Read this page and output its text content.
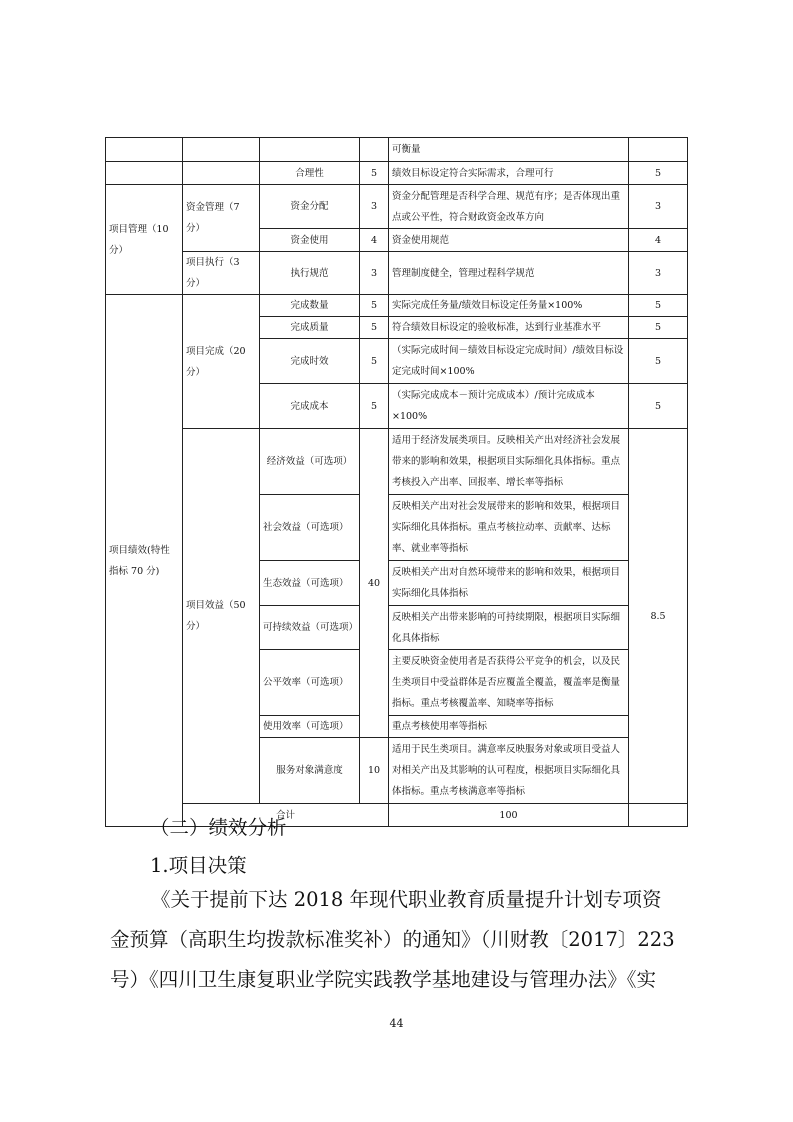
				可衡量		
		合理性	5	绩效目标设定符合实际需求，合理可行	5	
项目管理（10 分）	资金管理（7 分）	资金分配	3	资金分配管理是否科学合理、规范有序；是否体现出重点或公平性，符合财政资金改革方向	3	
		资金使用	4	资金使用规范	4	
	项目执行（3 分）	执行规范	3	管理制度健全，管理过程科学规范	3	
项目绩效(特性指标 70 分)	项目完成（20 分）	完成数量	5	实际完成任务量/绩效目标设定任务量×100%	5	
		完成质量	5	符合绩效目标设定的验收标准，达到行业基准水平	5	
		完成时效	5	（实际完成时间－绩效目标设定完成时间）/绩效目标设定完成时间×100%	5	
		完成成本	5	（实际完成成本－预计完成成本）/预计完成成本×100%	5	
	项目效益（50 分）	经济效益（可选项）	40	适用于经济发展类项目。反映相关产出对经济社会发展带来的影响和效果，根据项目实际细化具体指标。重点考核投入产出率、回报率、增长率等指标	8.5	
		社会效益（可选项）		反映相关产出对社会发展带来的影响和效果，根据项目实际细化具体指标。重点考核拉动率、贡献率、达标率、就业率等指标		
		生态效益（可选项）		反映相关产出对自然环境带来的影响和效果，根据项目实际细化具体指标		
		可持续效益（可选项）		反映相关产出带来影响的可持续期限，根据项目实际细化具体指标		
		公平效率（可选项）		主要反映资金使用者是否获得公平竞争的机会，以及民生类项目中受益群体是否应覆盖全覆盖，覆盖率是衡量指标。重点考核覆盖率、知晓率等指标		
		使用效率（可选项）		重点考核使用率等指标		
		服务对象满意度	10	适用于民生类项目。满意率反映服务对象或项目受益人对相关产出及其影响的认可程度，根据项目实际细化具体指标。重点考核满意率等指标	
	合计			100		
（二）绩效分析
1.项目决策
《关于提前下达 2018 年现代职业教育质量提升计划专项资
金预算（高职生均拨款标准奖补）的通知》（川财教〔2017〕223
号）《四川卫生康复职业学院实践教学基地建设与管理办法》《实
44
